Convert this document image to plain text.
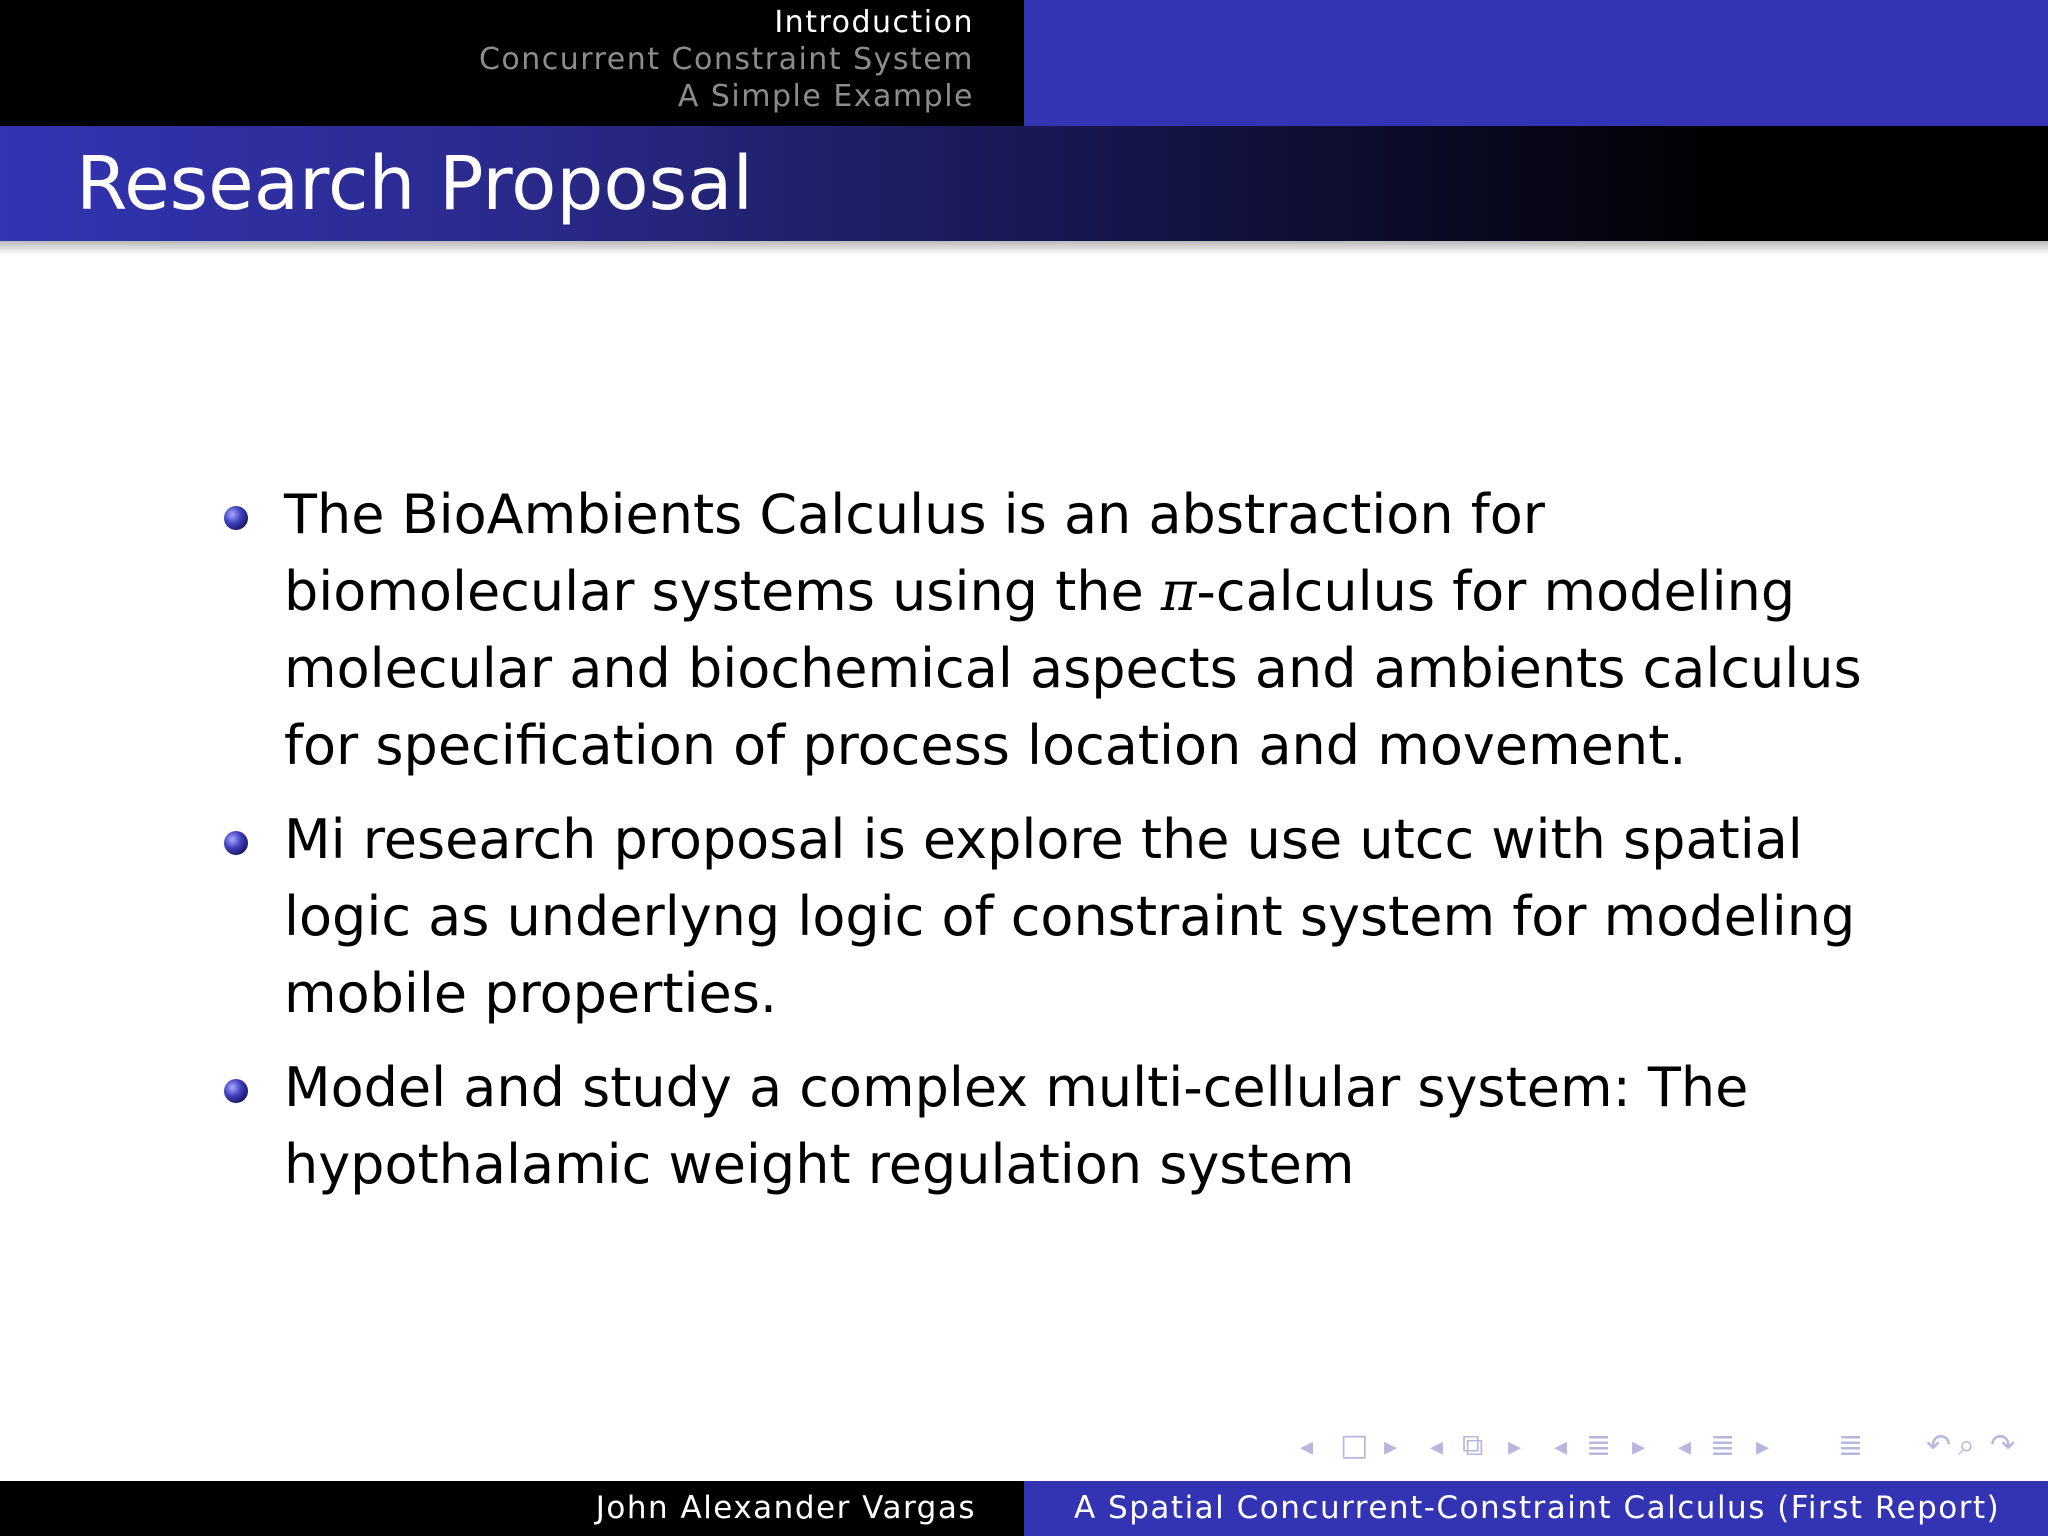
Introduction
Concurrent Constraint System
A Simple Example
Research Proposal
The BioAmbients Calculus is an abstraction for biomolecular systems using the π-calculus for modeling molecular and biochemical aspects and ambients calculus for specification of process location and movement.
Mi research proposal is explore the use utcc with spatial logic as underlyng logic of constraint system for modeling mobile properties.
Model and study a complex multi-cellular system: The hypothalamic weight regulation system
◂ □ ▸ ◂ ⧉ ▸ ◂ ≣ ▸ ◂ ≣ ▸ ≣ ↶ ⌕ ↷
John Alexander Vargas	A Spatial Concurrent-Constraint Calculus (First Report)
